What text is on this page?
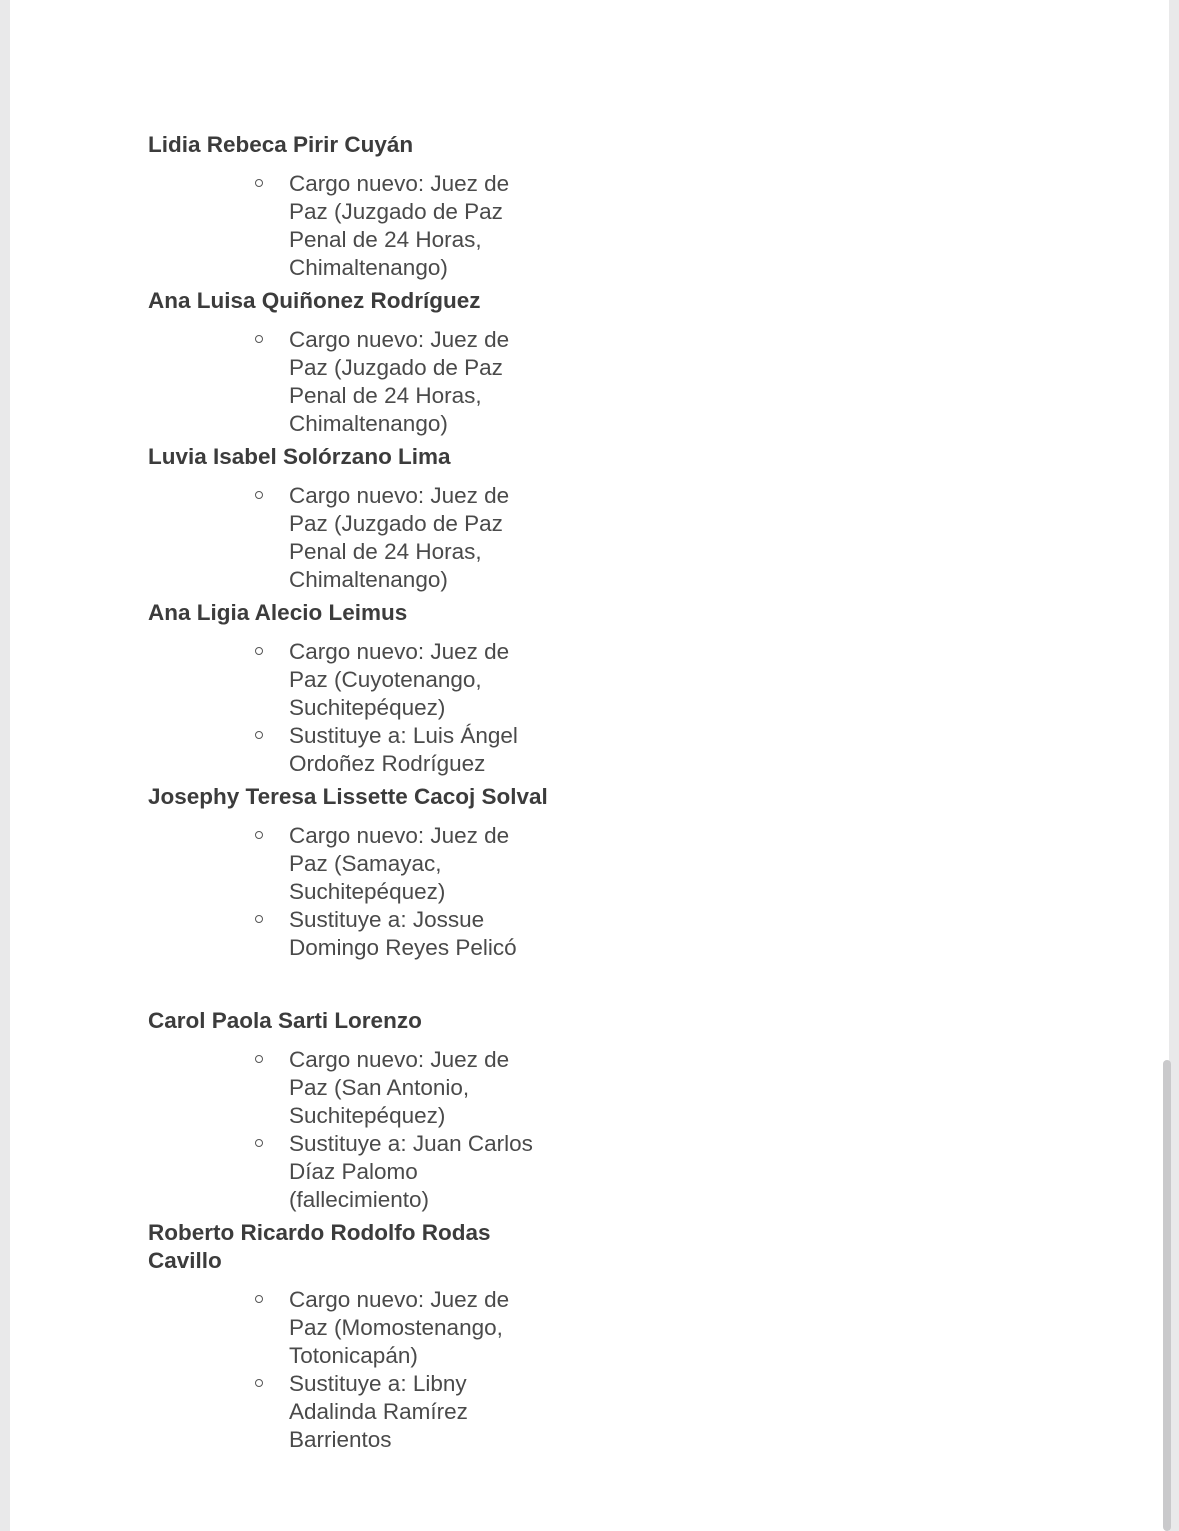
Lidia Rebeca Pirir Cuyán
Cargo nuevo: Juez de Paz (Juzgado de Paz Penal de 24 Horas, Chimaltenango)
Ana Luisa Quiñonez Rodríguez
Cargo nuevo: Juez de Paz (Juzgado de Paz Penal de 24 Horas, Chimaltenango)
Luvia Isabel Solórzano Lima
Cargo nuevo: Juez de Paz (Juzgado de Paz Penal de 24 Horas, Chimaltenango)
Ana Ligia Alecio Leimus
Cargo nuevo: Juez de Paz (Cuyotenango, Suchitepéquez)
Sustituye a: Luis Ángel Ordoñez Rodríguez
Josephy Teresa Lissette Cacoj Solval
Cargo nuevo: Juez de Paz (Samayac, Suchitepéquez)
Sustituye a: Jossue Domingo Reyes Pelicó
Carol Paola Sarti Lorenzo
Cargo nuevo: Juez de Paz (San Antonio, Suchitepéquez)
Sustituye a: Juan Carlos Díaz Palomo (fallecimiento)
Roberto Ricardo Rodolfo Rodas Cavillo
Cargo nuevo: Juez de Paz (Momostenango, Totonicapán)
Sustituye a: Libny Adalinda Ramírez Barrientos
